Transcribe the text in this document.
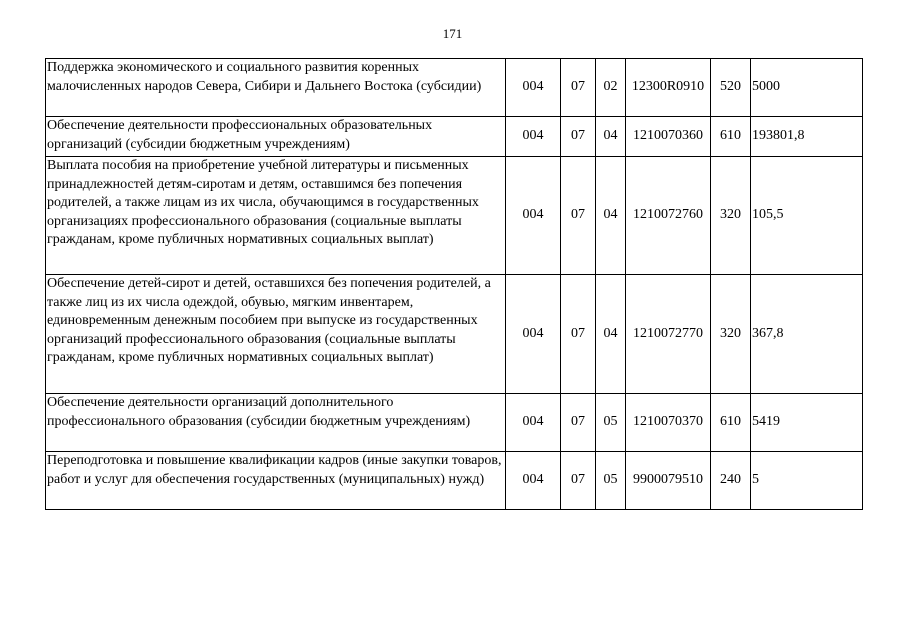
171
Поддержка экономического и социального развития коренных малочисленных народов Севера, Сибири и Дальнего Востока (субсидии)	004	07	02	12300R0910	520	5000
Обеспечение деятельности профессиональных образовательных организаций (субсидии бюджетным учреждениям)	004	07	04	1210070360	610	193801,8
Выплата пособия на приобретение учебной литературы и письменных принадлежностей детям-сиротам и детям, оставшимся без попечения родителей, а также лицам из их числа, обучающимся в государственных организациях профессионального образования (социальные выплаты гражданам, кроме публичных нормативных социальных выплат)	004	07	04	1210072760	320	105,5
Обеспечение детей-сирот и детей, оставшихся без попечения родителей, а также лиц из их числа одеждой, обувью, мягким инвентарем, единовременным денежным пособием при выпуске из государственных организаций профессионального образования (социальные выплаты гражданам, кроме публичных нормативных социальных выплат)	004	07	04	1210072770	320	367,8
Обеспечение деятельности организаций дополнительного профессионального образования (субсидии бюджетным учреждениям)	004	07	05	1210070370	610	5419
Переподготовка и повышение квалификации кадров (иные закупки товаров, работ и услуг для обеспечения государственных (муниципальных) нужд)	004	07	05	9900079510	240	5
